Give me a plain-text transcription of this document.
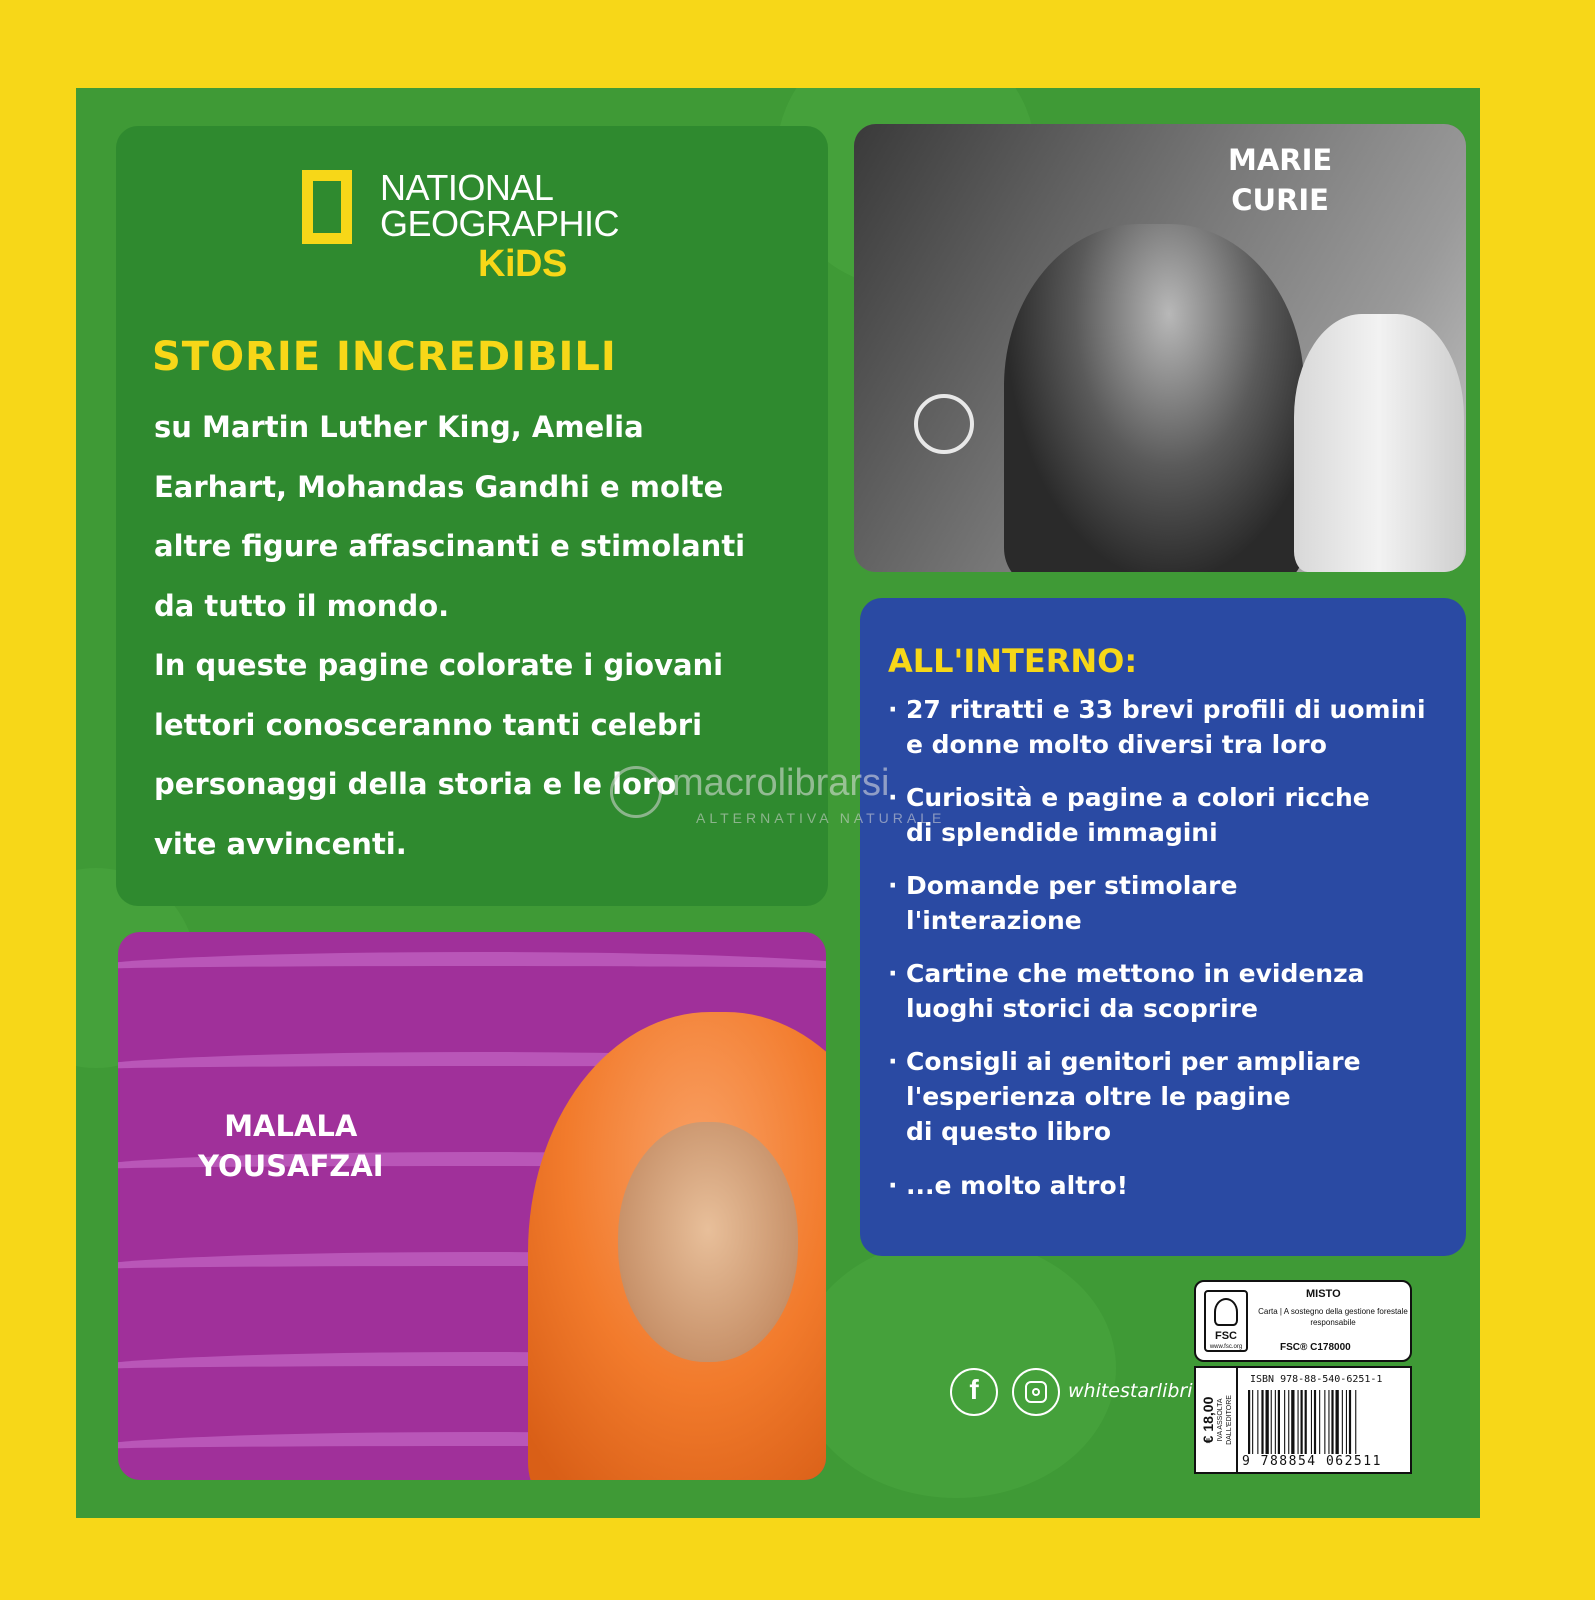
NATIONAL
GEOGRAPHIC
KiDS
STORIE INCREDIBILI
su Martin Luther King, Amelia
Earhart, Mohandas Gandhi e molte
altre figure affascinanti e stimolanti
da tutto il mondo.
In queste pagine colorate i giovani
lettori conosceranno tanti celebri
personaggi della storia e le loro
vite avvincenti.
MARIE
CURIE
MALALA
YOUSAFZAI
ALL'INTERNO:
· 27 ritratti e 33 brevi profili di uomini
e donne molto diversi tra loro
· Curiosità e pagine a colori ricche
di splendide immagini
· Domande per stimolare
l'interazione
· Cartine che mettono in evidenza
luoghi storici da scoprire
· Consigli ai genitori per ampliare
l'esperienza oltre le pagine
di questo libro
· ...e molto altro!
FSC
www.fsc.org
MISTO
Carta | A sostegno della gestione forestale responsabile
FSC® C178000
€ 18,00 IVA ASSOLTA DALL'EDITORE
ISBN 978-88-540-6251-1
9 788854 062511
f	whitestarlibri
macrolibrarsi
ALTERNATIVA NATURALE
